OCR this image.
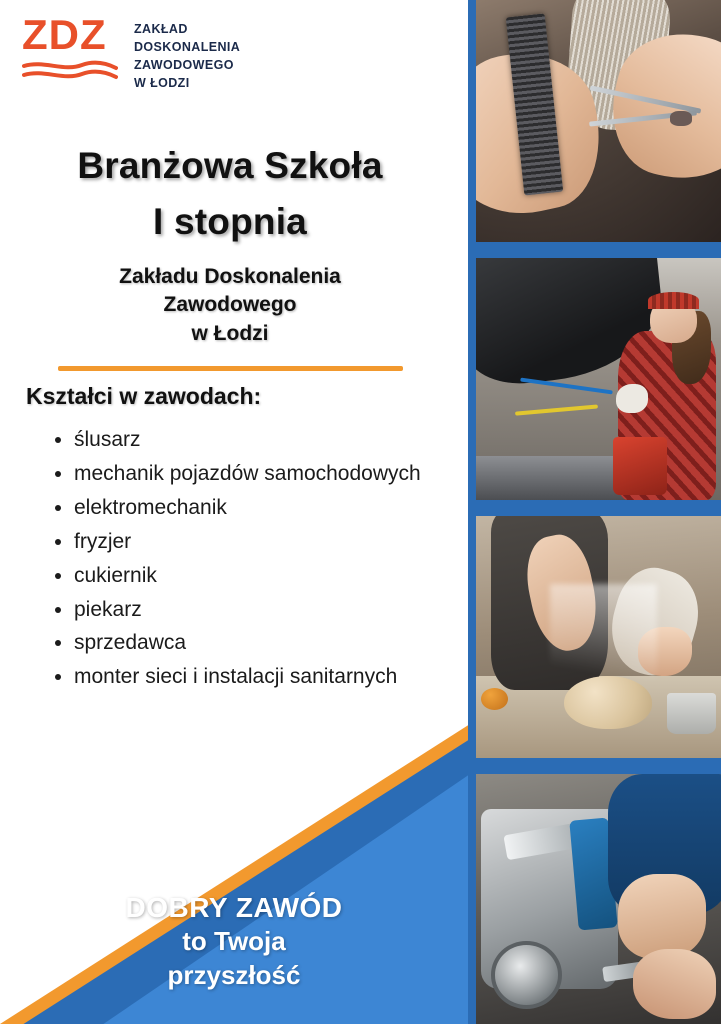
ZDZ	ZAKŁAD
DOSKONALENIA
ZAWODOWEGO
W ŁODZI
Branżowa Szkoła
I stopnia
Zakładu Doskonalenia
Zawodowego
w Łodzi
Kształci w zawodach:
• ślusarz
• mechanik pojazdów samochodowych
• elektromechanik
• fryzjer
• cukiernik
• piekarz
• sprzedawca
• monter sieci i instalacji sanitarnych
DOBRY ZAWÓD
to Twoja
przyszłość
